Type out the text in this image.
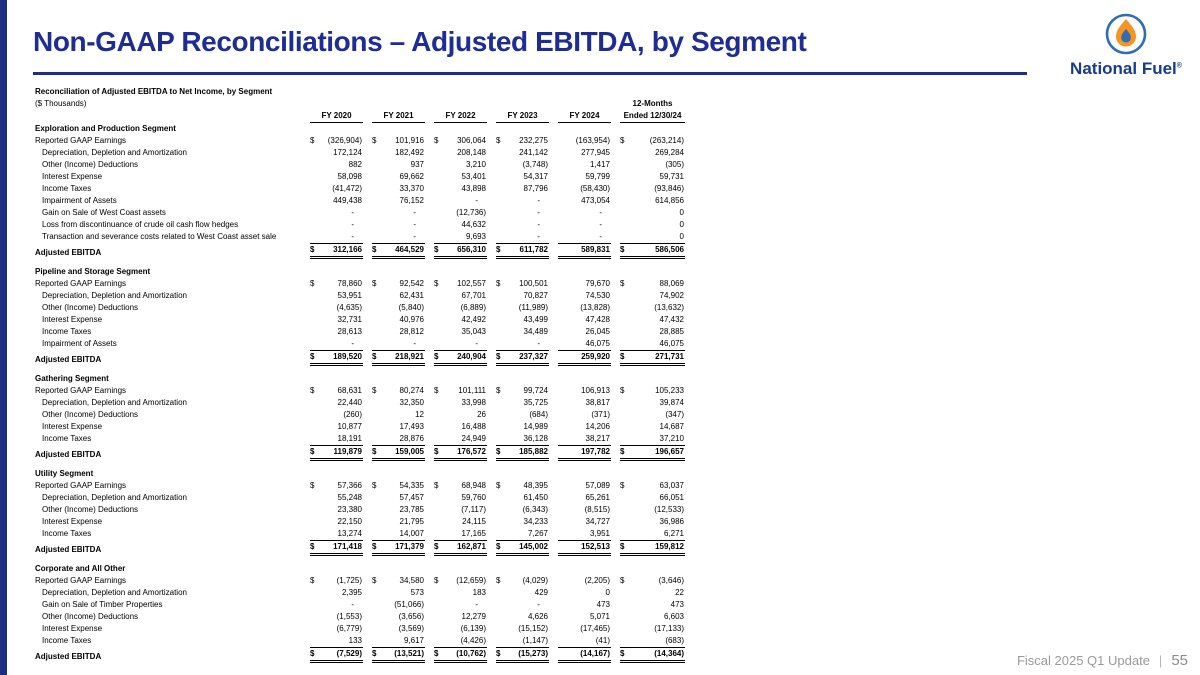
Non-GAAP Reconciliations – Adjusted EBITDA, by Segment
National Fuel®
Reconciliation of Adjusted EBITDA to Net Income, by Segment						
($ Thousands)						12-Months

	FY 2020	FY 2021	FY 2022	FY 2023	FY 2024	Ended 12/30/24

Exploration and Production Segment						
Reported GAAP Earnings	$ (326,904)	$ 101,916	$ 306,064	$ 232,275	(163,954)	$ (263,214)

Depreciation, Depletion and Amortization	172,124	182,492	208,148	241,142	277,945	269,284

Other (Income) Deductions	882	937	3,210	(3,748)	1,417	(305)

Interest Expense	58,098	69,662	53,401	54,317	59,799	59,731

Income Taxes	(41,472)	33,370	43,898	87,796	(58,430)	(93,846)

Impairment of Assets	449,438	76,152	-	-	473,054	614,856

Gain on Sale of West Coast assets	-	-	(12,736)	-	-	0

Loss from discontinuance of crude oil cash flow hedges	-	-	44,632	-	-	0

Transaction and severance costs related to West Coast asset sale	-	-	9,693	-	-	0

Adjusted EBITDA	$ 312,166	$ 464,529	$ 656,310	$ 611,782	589,831	$ 586,506

Pipeline and Storage Segment						
Reported GAAP Earnings	$ 78,860	$ 92,542	$ 102,557	$ 100,501	79,670	$ 88,069

Depreciation, Depletion and Amortization	53,951	62,431	67,701	70,827	74,530	74,902

Other (Income) Deductions	(4,635)	(5,840)	(6,889)	(11,989)	(13,828)	(13,632)

Interest Expense	32,731	40,976	42,492	43,499	47,428	47,432

Income Taxes	28,613	28,812	35,043	34,489	26,045	28,885

Impairment of Assets	-	-	-	-	46,075	46,075

Adjusted EBITDA	$ 189,520	$ 218,921	$ 240,904	$ 237,327	259,920	$ 271,731

Gathering Segment						
Reported GAAP Earnings	$ 68,631	$ 80,274	$ 101,111	$ 99,724	106,913	$ 105,233

Depreciation, Depletion and Amortization	22,440	32,350	33,998	35,725	38,817	39,874

Other (Income) Deductions	(260)	12	26	(684)	(371)	(347)

Interest Expense	10,877	17,493	16,488	14,989	14,206	14,687

Income Taxes	18,191	28,876	24,949	36,128	38,217	37,210

Adjusted EBITDA	$ 119,879	$ 159,005	$ 176,572	$ 185,882	197,782	$ 196,657

Utility Segment						
Reported GAAP Earnings	$ 57,366	$ 54,335	$ 68,948	$ 48,395	57,089	$ 63,037

Depreciation, Depletion and Amortization	55,248	57,457	59,760	61,450	65,261	66,051

Other (Income) Deductions	23,380	23,785	(7,117)	(6,343)	(8,515)	(12,533)

Interest Expense	22,150	21,795	24,115	34,233	34,727	36,986

Income Taxes	13,274	14,007	17,165	7,267	3,951	6,271

Adjusted EBITDA	$ 171,418	$ 171,379	$ 162,871	$ 145,002	152,513	$ 159,812

Corporate and All Other						
Reported GAAP Earnings	$ (1,725)	$ 34,580	$ (12,659)	$ (4,029)	(2,205)	$ (3,646)

Depreciation, Depletion and Amortization	2,395	573	183	429	0	22

Gain on Sale of Timber Properties	-	(51,066)	-	-	473	473

Other (Income) Deductions	(1,553)	(3,656)	12,279	4,626	5,071	6,603

Interest Expense	(6,779)	(3,569)	(6,139)	(15,152)	(17,465)	(17,133)

Income Taxes	133	9,617	(4,426)	(1,147)	(41)	(683)

Adjusted EBITDA	$ (7,529)	$ (13,521)	$ (10,762)	$ (15,273)	(14,167)	$ (14,364)	Fiscal 2025 Q1 Update | 55
